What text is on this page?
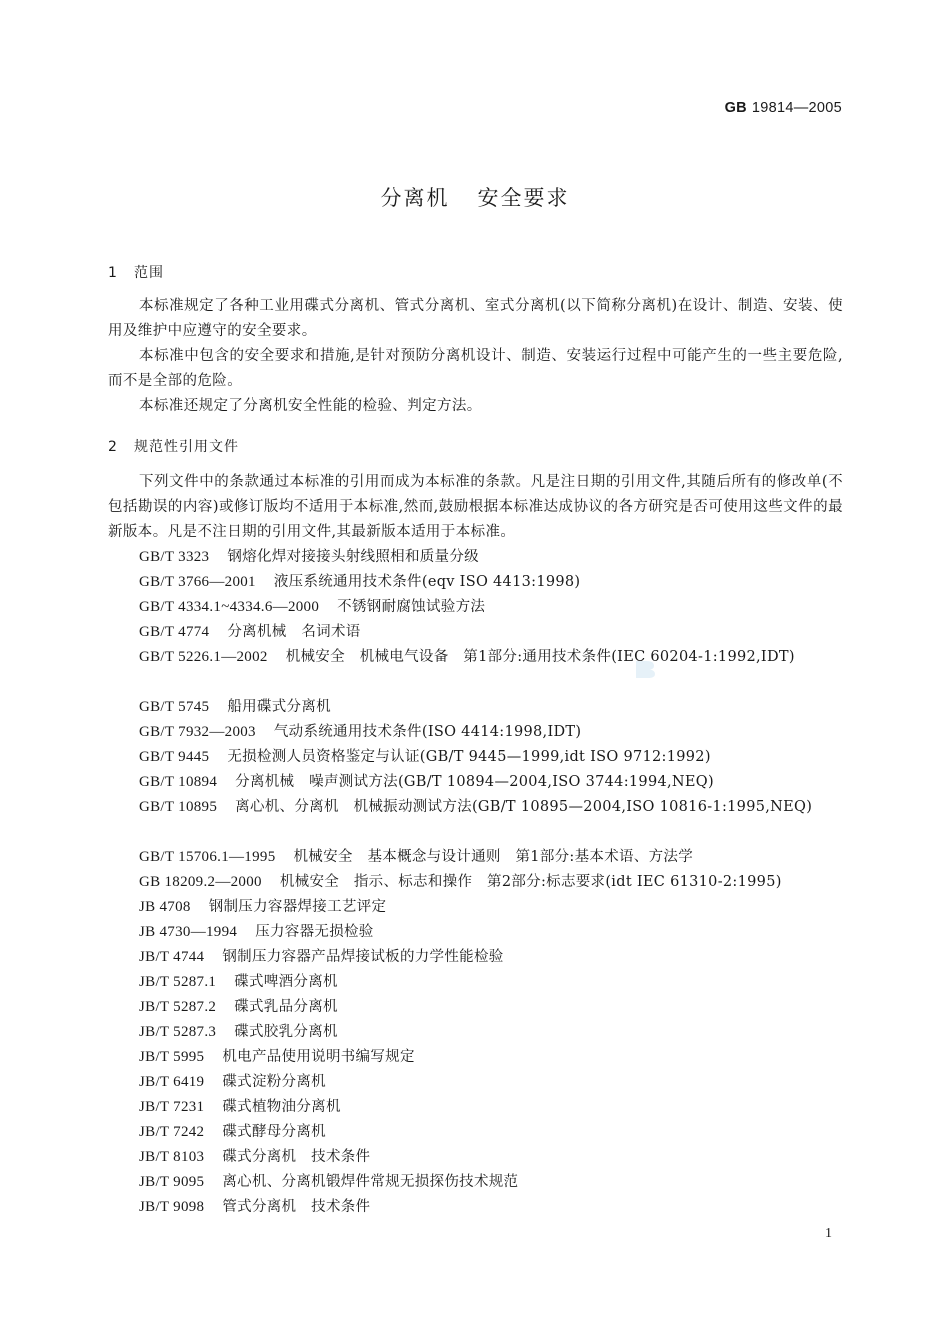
GB 19814—2005
分离机 安全要求
1 范围
本标准规定了各种工业用碟式分离机、管式分离机、室式分离机(以下简称分离机)在设计、制造、安装、使用及维护中应遵守的安全要求。
本标准中包含的安全要求和措施,是针对预防分离机设计、制造、安装运行过程中可能产生的一些主要危险,而不是全部的危险。
本标准还规定了分离机安全性能的检验、判定方法。
2 规范性引用文件
下列文件中的条款通过本标准的引用而成为本标准的条款。凡是注日期的引用文件,其随后所有的修改单(不包括勘误的内容)或修订版均不适用于本标准,然而,鼓励根据本标准达成协议的各方研究是否可使用这些文件的最新版本。凡是不注日期的引用文件,其最新版本适用于本标准。
GB/T 3323 钢熔化焊对接接头射线照相和质量分级
GB/T 3766—2001 液压系统通用技术条件(eqv ISO 4413:1998)
GB/T 4334.1~4334.6—2000 不锈钢耐腐蚀试验方法
GB/T 4774 分离机械　名词术语
GB/T 5226.1—2002 机械安全　机械电气设备　第1部分:通用技术条件(IEC 60204-1:1992,IDT)
GB/T 5745 船用碟式分离机
GB/T 7932—2003 气动系统通用技术条件(ISO 4414:1998,IDT)
GB/T 9445 无损检测人员资格鉴定与认证(GB/T 9445—1999,idt ISO 9712:1992)
GB/T 10894 分离机械　噪声测试方法(GB/T 10894—2004,ISO 3744:1994,NEQ)
GB/T 10895 离心机、分离机　机械振动测试方法(GB/T 10895—2004,ISO 10816-1:1995,NEQ)
GB/T 15706.1—1995 机械安全　基本概念与设计通则　第1部分:基本术语、方法学
GB 18209.2—2000 机械安全　指示、标志和操作　第2部分:标志要求(idt IEC 61310-2:1995)
JB 4708 钢制压力容器焊接工艺评定
JB 4730—1994 压力容器无损检验
JB/T 4744 钢制压力容器产品焊接试板的力学性能检验
JB/T 5287.1 碟式啤酒分离机
JB/T 5287.2 碟式乳品分离机
JB/T 5287.3 碟式胶乳分离机
JB/T 5995 机电产品使用说明书编写规定
JB/T 6419 碟式淀粉分离机
JB/T 7231 碟式植物油分离机
JB/T 7242 碟式酵母分离机
JB/T 8103 碟式分离机　技术条件
JB/T 9095 离心机、分离机锻焊件常规无损探伤技术规范
JB/T 9098 管式分离机　技术条件
1
